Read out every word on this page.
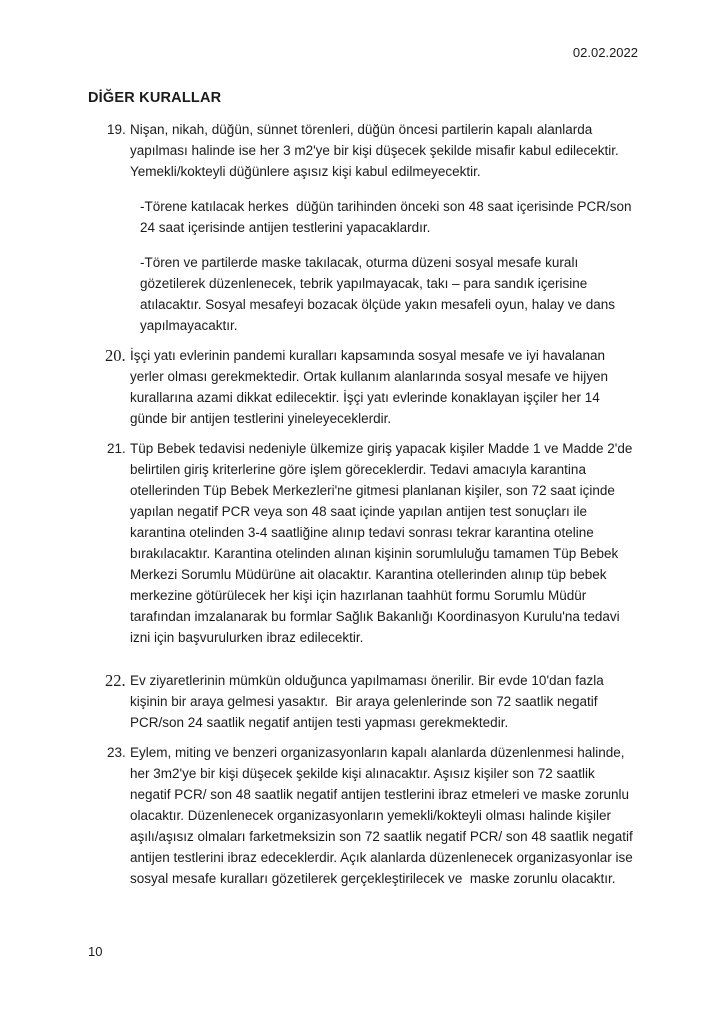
02.02.2022
DİĞER KURALLAR
19. Nişan, nikah, düğün, sünnet törenleri, düğün öncesi partilerin kapalı alanlarda yapılması halinde ise her 3 m2'ye bir kişi düşecek şekilde misafir kabul edilecektir.  Yemekli/kokteyli düğünlere aşısız kişi kabul edilmeyecektir.

-Törene katılacak herkes  düğün tarihinden önceki son 48 saat içerisinde PCR/son 24 saat içerisinde antijen testlerini yapacaklardır.

-Tören ve partilerde maske takılacak, oturma düzeni sosyal mesafe kuralı gözetilerek düzenlenecek, tebrik yapılmayacak, takı – para sandık içerisine atılacaktır. Sosyal mesafeyi bozacak ölçüde yakın mesafeli oyun, halay ve dans yapılmayacaktır.

20. İşçi yatı evlerinin pandemi kuralları kapsamında sosyal mesafe ve iyi havalanan yerler olması gerekmektedir. Ortak kullanım alanlarında sosyal mesafe ve hijyen kurallarına azami dikkat edilecektir. İşçi yatı evlerinde konaklayan işçiler her 14 günde bir antijen testlerini yineleyeceklerdir.

21. Tüp Bebek tedavisi nedeniyle ülkemize giriş yapacak kişiler Madde 1 ve Madde 2'de belirtilen giriş kriterlerine göre işlem göreceklerdir. Tedavi amacıyla karantina otellerinden Tüp Bebek Merkezleri'ne gitmesi planlanan kişiler, son 72 saat içinde yapılan negatif PCR veya son 48 saat içinde yapılan antijen test sonuçları ile karantina otelinden 3-4 saatliğine alınıp tedavi sonrası tekrar karantina oteline bırakılacaktır. Karantina otelinden alınan kişinin sorumluluğu tamamen Tüp Bebek Merkezi Sorumlu Müdürüne ait olacaktır. Karantina otellerinden alınıp tüp bebek merkezine götürülecek her kişi için hazırlanan taahhüt formu Sorumlu Müdür tarafından imzalanarak bu formlar Sağlık Bakanlığı Koordinasyon Kurulu'na tedavi izni için başvurulurken ibraz edilecektir.

22. Ev ziyaretlerinin mümkün olduğunca yapılmaması önerilir. Bir evde 10'dan fazla kişinin bir araya gelmesi yasaktır.  Bir araya gelenlerinde son 72 saatlik negatif PCR/son 24 saatlik negatif antijen testi yapması gerekmektedir.

23. Eylem, miting ve benzeri organizasyonların kapalı alanlarda düzenlenmesi halinde, her 3m2'ye bir kişi düşecek şekilde kişi alınacaktır. Aşısız kişiler son 72 saatlik negatif PCR/ son 48 saatlik negatif antijen testlerini ibraz etmeleri ve maske zorunlu olacaktır. Düzenlenecek organizasyonların yemekli/kokteyli olması halinde kişiler aşılı/aşısız olmaları farketmeksizin son 72 saatlik negatif PCR/ son 48 saatlik negatif antijen testlerini ibraz edeceklerdir. Açık alanlarda düzenlenecek organizasyonlar ise sosyal mesafe kuralları gözetilerek gerçekleştirilecek ve  maske zorunlu olacaktır.

10
